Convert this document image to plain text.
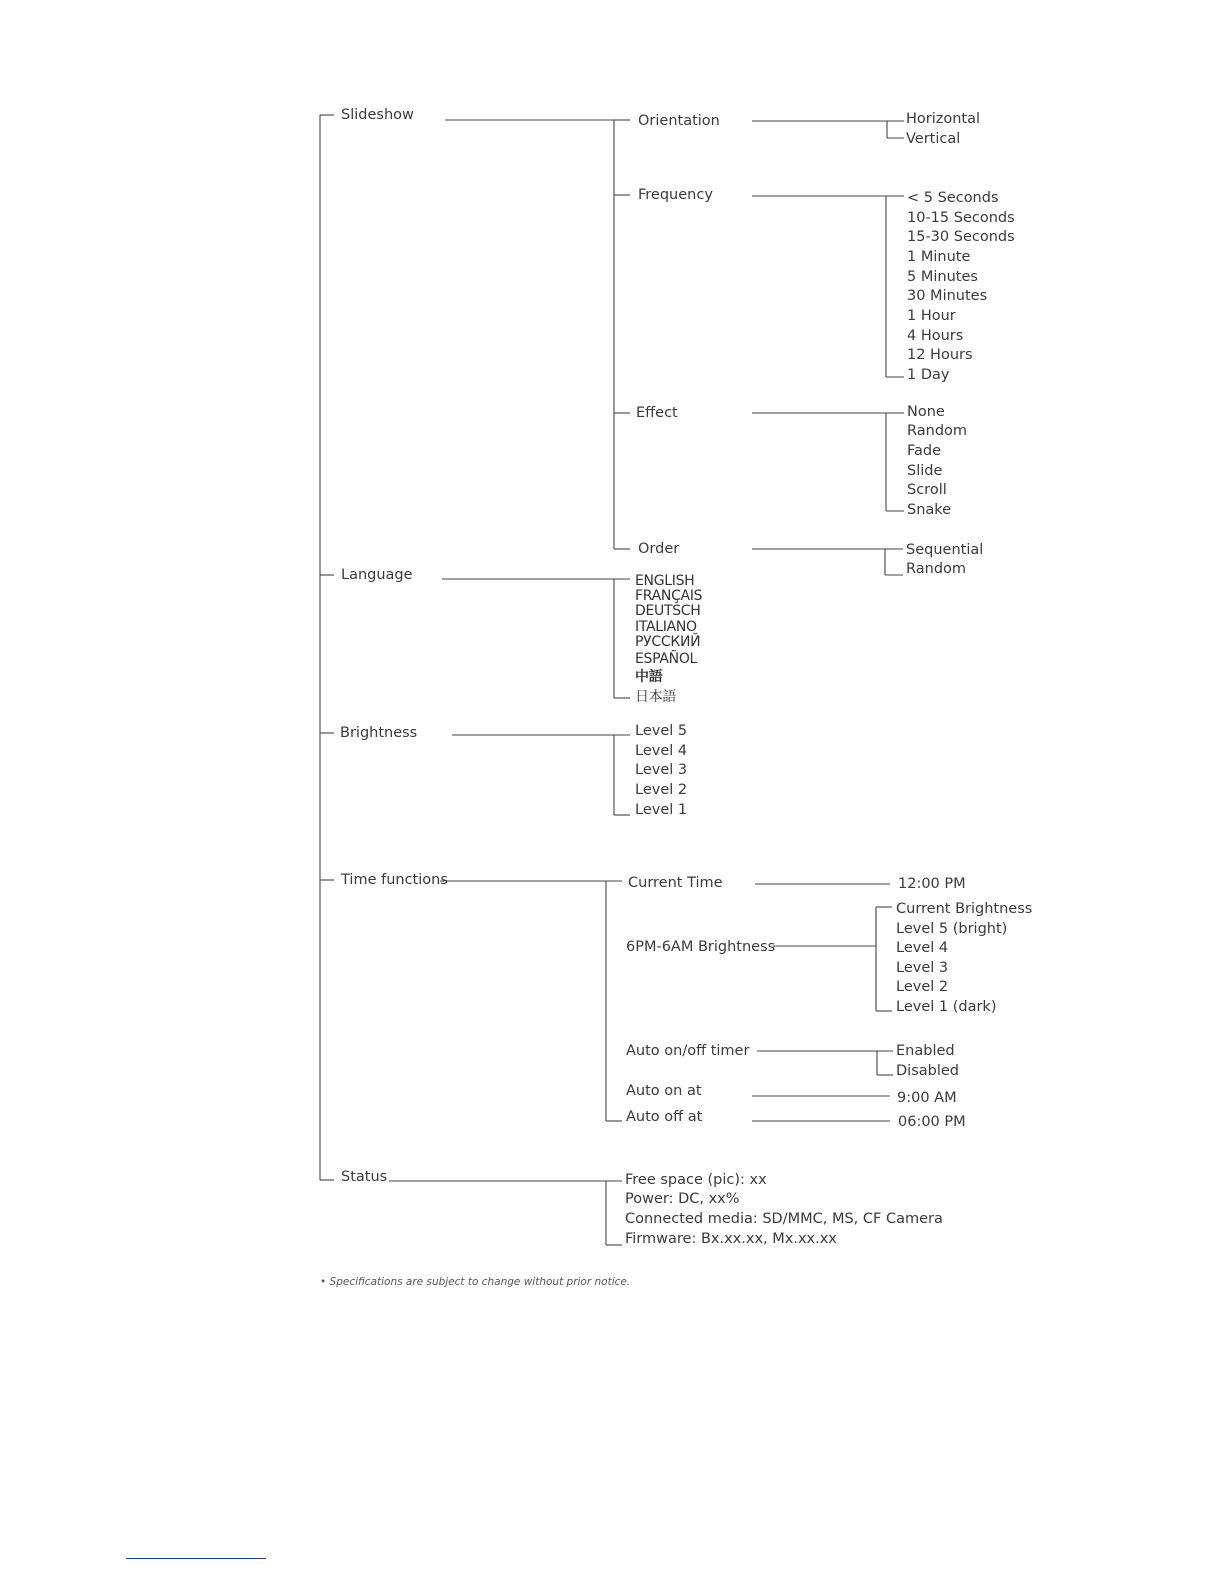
Slideshow
Language
Brightness
Time functions
Status
Orientation
Frequency
Effect
Order
Horizontal
Vertical
< 5 Seconds
10-15 Seconds
15-30 Seconds
1 Minute
5 Minutes
30 Minutes
1 Hour
4 Hours
12 Hours
1 Day
None
Random
Fade
Slide
Scroll
Snake
Sequential
Random
ENGLISH
FRANÇAIS
DEUTSCH
ITALIANO
РУССКИЙ
ESPAÑOL
中語
日本語
Level 5
Level 4
Level 3
Level 2
Level 1
Current Time	12:00 PM
6PM-6AM Brightness
Current Brightness
Level 5 (bright)
Level 4
Level 3
Level 2
Level 1 (dark)
Auto on/off timer	Enabled
Disabled
Auto on at	9:00 AM
Auto off at	06:00 PM
Free space (pic): xx
Power: DC, xx%
Connected media: SD/MMC, MS, CF Camera
Firmware: Bx.xx.xx, Mx.xx.xx
• Specifications are subject to change without prior notice.
